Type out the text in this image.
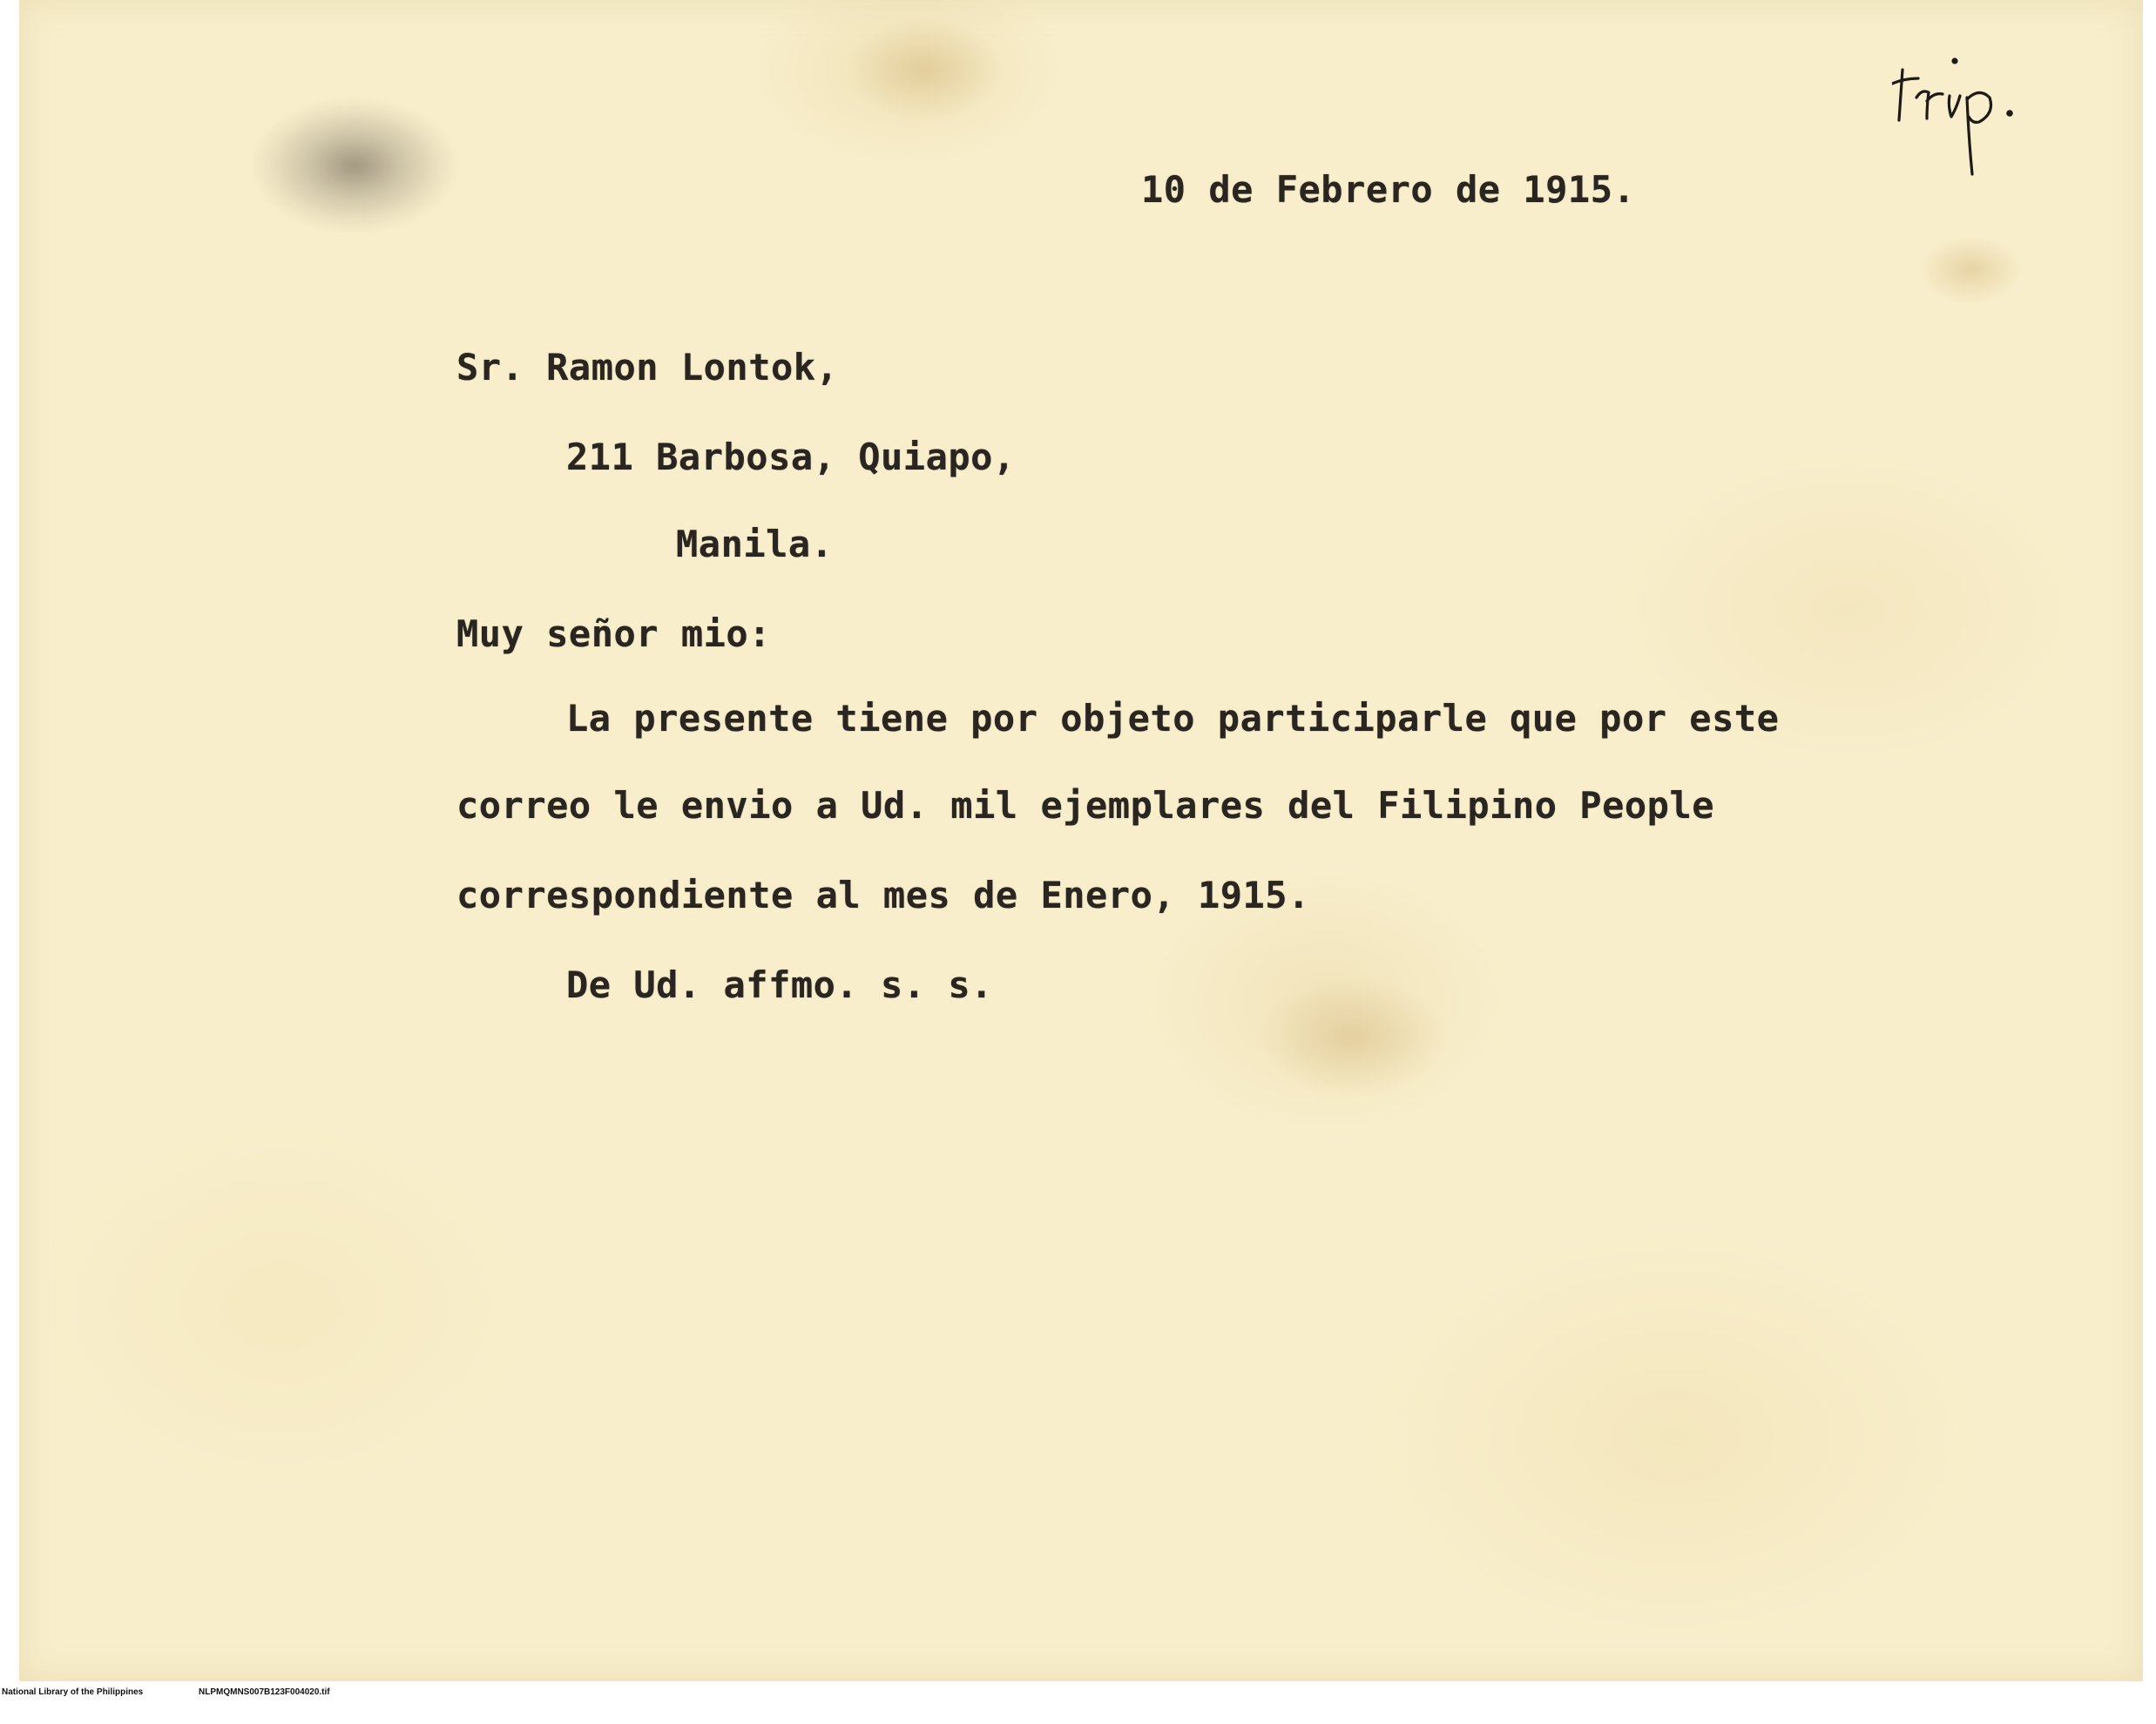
10 de Febrero de 1915.
Sr. Ramon Lontok,
211 Barbosa, Quiapo,
Manila.
Muy señor mio:
La presente tiene por objeto participarle que por este
correo le envio a Ud. mil ejemplares del Filipino People
correspondiente al mes de Enero, 1915.
De Ud. affmo. s. s.

National Library of the Philippines

	NLPMQMNS007B123F004020.tif
